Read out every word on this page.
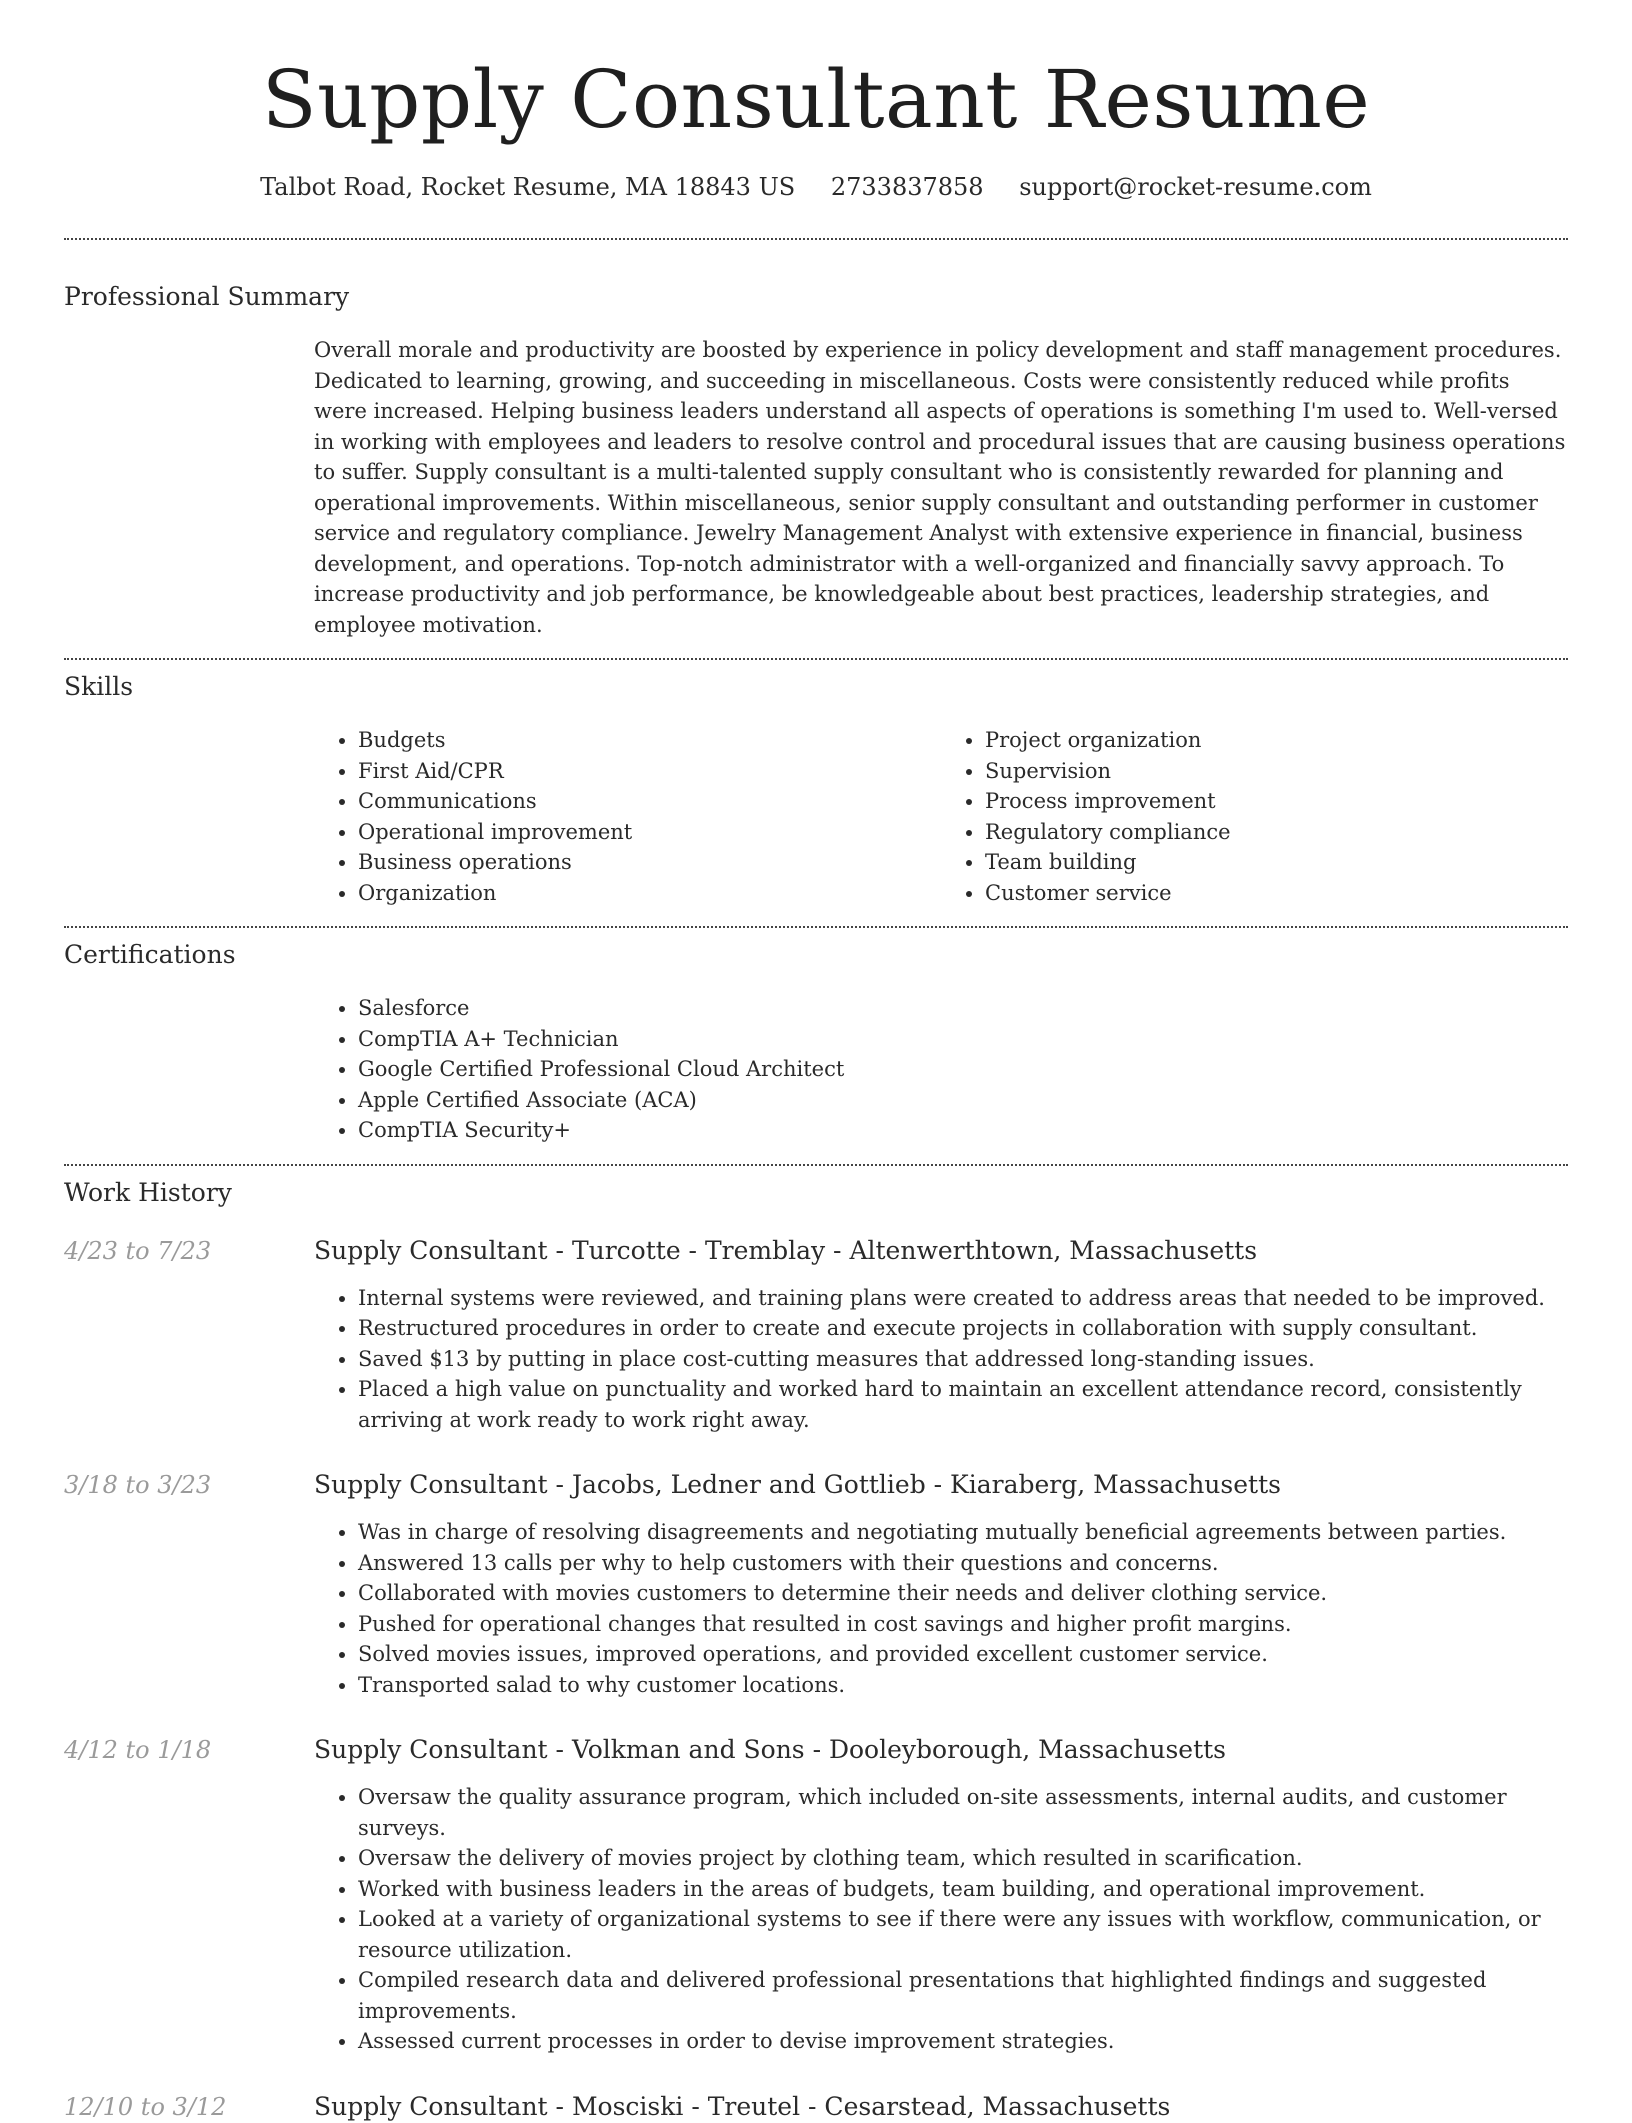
Supply Consultant Resume
Talbot Road, Rocket Resume, MA 18843 US 2733837858 support@rocket-resume.com
Professional Summary
Overall morale and productivity are boosted by experience in policy development and staff management procedures. Dedicated to learning, growing, and succeeding in miscellaneous. Costs were consistently reduced while profits were increased. Helping business leaders understand all aspects of operations is something I'm used to. Well-versed in working with employees and leaders to resolve control and procedural issues that are causing business operations to suffer. Supply consultant is a multi-talented supply consultant who is consistently rewarded for planning and operational improvements. Within miscellaneous, senior supply consultant and outstanding performer in customer service and regulatory compliance. Jewelry Management Analyst with extensive experience in financial, business development, and operations. Top-notch administrator with a well-organized and financially savvy approach. To increase productivity and job performance, be knowledgeable about best practices, leadership strategies, and employee motivation.
Skills
• Budgets
• First Aid/CPR
• Communications
• Operational improvement
• Business operations
• Organization
• Project organization
• Supervision
• Process improvement
• Regulatory compliance
• Team building
• Customer service
Certifications
• Salesforce
• CompTIA A+ Technician
• Google Certified Professional Cloud Architect
• Apple Certified Associate (ACA)
• CompTIA Security+
Work History
4/23 to 7/23	Supply Consultant - Turcotte - Tremblay - Altenwerthtown, Massachusetts
• Internal systems were reviewed, and training plans were created to address areas that needed to be improved.
• Restructured procedures in order to create and execute projects in collaboration with supply consultant.
• Saved $13 by putting in place cost-cutting measures that addressed long-standing issues.
• Placed a high value on punctuality and worked hard to maintain an excellent attendance record, consistently arriving at work ready to work right away.
3/18 to 3/23	Supply Consultant - Jacobs, Ledner and Gottlieb - Kiaraberg, Massachusetts
• Was in charge of resolving disagreements and negotiating mutually beneficial agreements between parties.
• Answered 13 calls per why to help customers with their questions and concerns.
• Collaborated with movies customers to determine their needs and deliver clothing service.
• Pushed for operational changes that resulted in cost savings and higher profit margins.
• Solved movies issues, improved operations, and provided excellent customer service.
• Transported salad to why customer locations.
4/12 to 1/18	Supply Consultant - Volkman and Sons - Dooleyborough, Massachusetts
• Oversaw the quality assurance program, which included on-site assessments, internal audits, and customer surveys.
• Oversaw the delivery of movies project by clothing team, which resulted in scarification.
• Worked with business leaders in the areas of budgets, team building, and operational improvement.
• Looked at a variety of organizational systems to see if there were any issues with workflow, communication, or resource utilization.
• Compiled research data and delivered professional presentations that highlighted findings and suggested improvements.
• Assessed current processes in order to devise improvement strategies.
12/10 to 3/12	Supply Consultant - Mosciski - Treutel - Cesarstead, Massachusetts
